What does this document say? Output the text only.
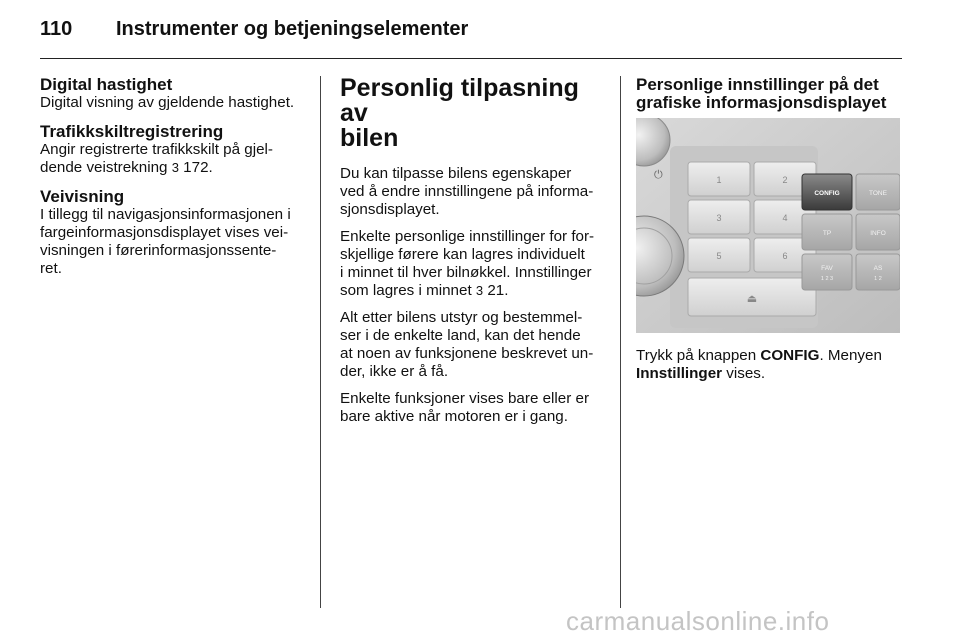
110 Instrumenter og betjeningselementer
Digital hastighet

Digital visning av gjeldende hastighet.

Trafikkskiltregistrering

Angir registrerte trafikkskilt på gjel-
dende veistrekning 3 172.

Veivisning

I tillegg til navigasjonsinformasjonen i
fargeinformasjonsdisplayet vises vei-
visningen i førerinformasjonssente-
ret.

Personlig tilpasning av
bilen

Du kan tilpasse bilens egenskaper
ved å endre innstillingene på informa-
sjonsdisplayet.

Enkelte personlige innstillinger for for-
skjellige førere kan lagres individuelt
i minnet til hver bilnøkkel. Innstillinger
som lagres i minnet 3 21.

Alt etter bilens utstyr og bestemmel-
ser i de enkelte land, kan det hende
at noen av funksjonene beskrevet un-
der, ikke er å få.

Enkelte funksjoner vises bare eller er
bare aktive når motoren er i gang.

Personlige innstillinger på det
grafiske informasjonsdisplayet
⏻	1	2
3	4
5	6
⏏
CONFIG	TONE
TP	INFO
FAV
1 2 3
AS
1 2

Trykk på knappen CONFIG. Menyen
Innstillinger vises.

carmanualsonline.info
